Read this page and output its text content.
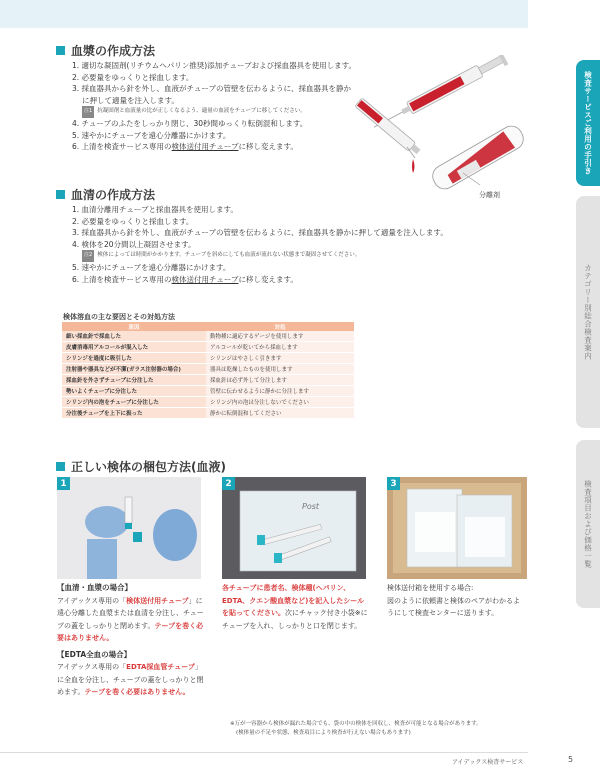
血漿の作成方法
1. 適切な凝固剤(リチウムヘパリン推奨)添加チューブおよび採血器具を使用します。
2. 必要量をゆっくりと採血します。
3. 採血器具から針を外し、血液がチューブの管壁を伝わるように、採血器具を静か
に押して適量を注入します。
注1 抗凝固剤と血液量の比が正しくなるよう、適量の血液をチューブに移してください。
4. チューブのふたをしっかり閉じ、30秒間ゆっくり転倒混和します。
5. 速やかにチューブを遠心分離器にかけます。
6. 上清を検査サービス専用の検体送付用チューブに移し変えます。
血清の作成方法
1. 血清分離用チューブと採血器具を使用します。
2. 必要量をゆっくりと採血します。
3. 採血器具から針を外し、血液がチューブの管壁を伝わるように、採血器具を静かに押して適量を注入します。
4. 検体を20分間以上凝固させます。
注2 検体によっては時間がかかります。チューブを斜めにしても血液が流れない状態まで凝固させてください。
5. 速やかにチューブを遠心分離器にかけます。
6. 上清を検査サービス専用の検体送付用チューブに移し変えます。
検体溶血の主な要因とその対処方法
原因	対処
細い採血針で採血した	動物種に適応するゲージを使用します
皮膚消毒用アルコールが混入した	アルコールが乾いてから採血します
シリンジを過度に吸引した	シリンジはやさしく引きます
注射器や器具などが不潔(ガラス注射器の場合)	器具は乾燥したものを使用します
採血針を外さずチューブに分注した	採血針は必ず外して分注します
勢いよくチューブに分注した	管壁に伝わせるように静かに分注します
シリンジ内の泡をチューブに分注した	シリンジ内の泡は分注しないでください
分注後チューブを上下に振った	静かに転倒混和してください
分離剤
正しい検体の梱包方法(血液)
1
Post
2	3
【血清・血漿の場合】
アイデックス専用の「検体送付用チューブ」に遠心分離した血漿または血清を分注し、チューブの蓋をしっかりと閉めます。テープを巻く必要はありません。
【EDTA全血の場合】
アイデックス専用の「EDTA採血管チューブ」に全血を分注し、チューブの蓋をしっかりと閉めます。テープを巻く必要はありません。
各チューブに患者名、検体種(ヘパリン、EDTA、クエン酸血漿など)を記入したシールを貼ってください。次にチャック付き小袋※にチューブを入れ、しっかりと口を閉じます。
検体送付箱を使用する場合:
図のように依頼書と検体のペアがわかるようにして検査センターに送ります。
※万が一容器から検体が漏れた場合でも、袋の中の検体を回収し、検査が可能となる場合があります。
(検体量の不足や状態、検査項目により検査が行えない場合もあります)
アイデックス検査サービス	5
検査サービスご利用の手引き
カテゴリー別総合検査案内
検査項目および価格一覧
